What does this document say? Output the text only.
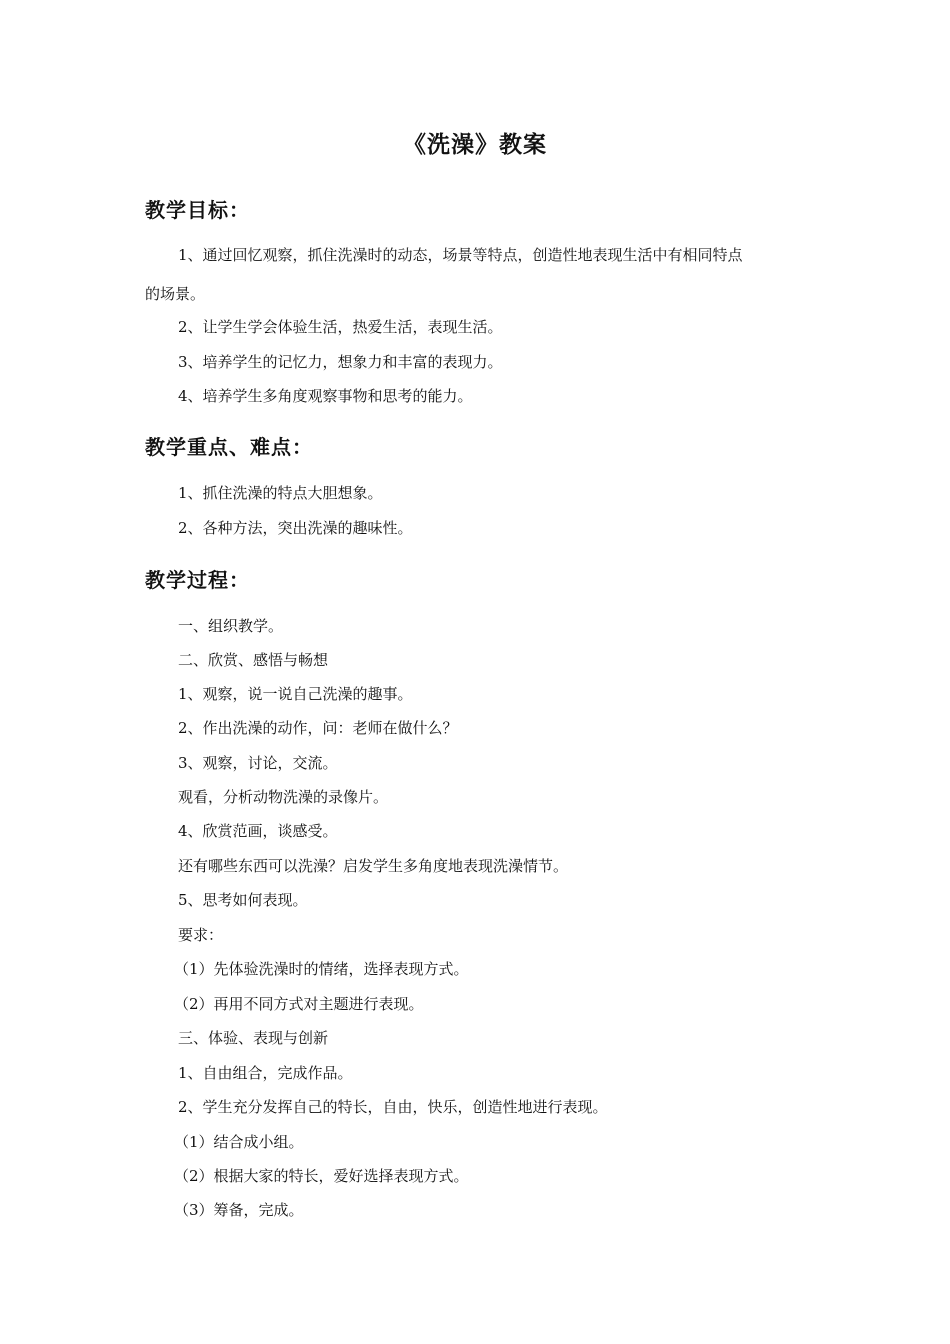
《洗澡》教案
教学目标：
1、通过回忆观察，抓住洗澡时的动态，场景等特点，创造性地表现生活中有相同特点
的场景。
2、让学生学会体验生活，热爱生活，表现生活。
3、培养学生的记忆力，想象力和丰富的表现力。
4、培养学生多角度观察事物和思考的能力。
教学重点、难点：
1、抓住洗澡的特点大胆想象。
2、各种方法，突出洗澡的趣味性。
教学过程：
一、组织教学。
二、欣赏、感悟与畅想
1、观察，说一说自己洗澡的趣事。
2、作出洗澡的动作，问：老师在做什么？
3、观察，讨论，交流。
观看，分析动物洗澡的录像片。
4、欣赏范画，谈感受。
还有哪些东西可以洗澡？启发学生多角度地表现洗澡情节。
5、思考如何表现。
要求：
（1）先体验洗澡时的情绪，选择表现方式。
（2）再用不同方式对主题进行表现。
三、体验、表现与创新
1、自由组合，完成作品。
2、学生充分发挥自己的特长，自由，快乐，创造性地进行表现。
（1）结合成小组。
（2）根据大家的特长，爱好选择表现方式。
（3）筹备，完成。
